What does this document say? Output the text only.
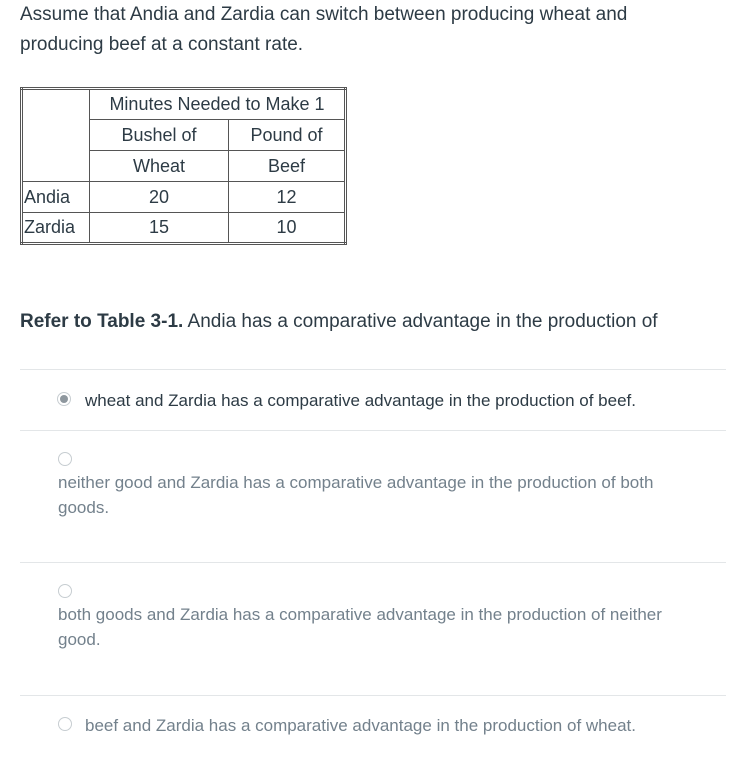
Assume that Andia and Zardia can switch between producing wheat and producing beef at a constant rate.
	Minutes Needed to Make 1	
	Bushel of	Pound of
	Wheat	Beef
Andia	20	12
Zardia	15	10
Refer to Table 3-1. Andia has a comparative advantage in the production of
wheat and Zardia has a comparative advantage in the production of beef.
neither good and Zardia has a comparative advantage in the production of both goods.
both goods and Zardia has a comparative advantage in the production of neither good.
beef and Zardia has a comparative advantage in the production of wheat.
